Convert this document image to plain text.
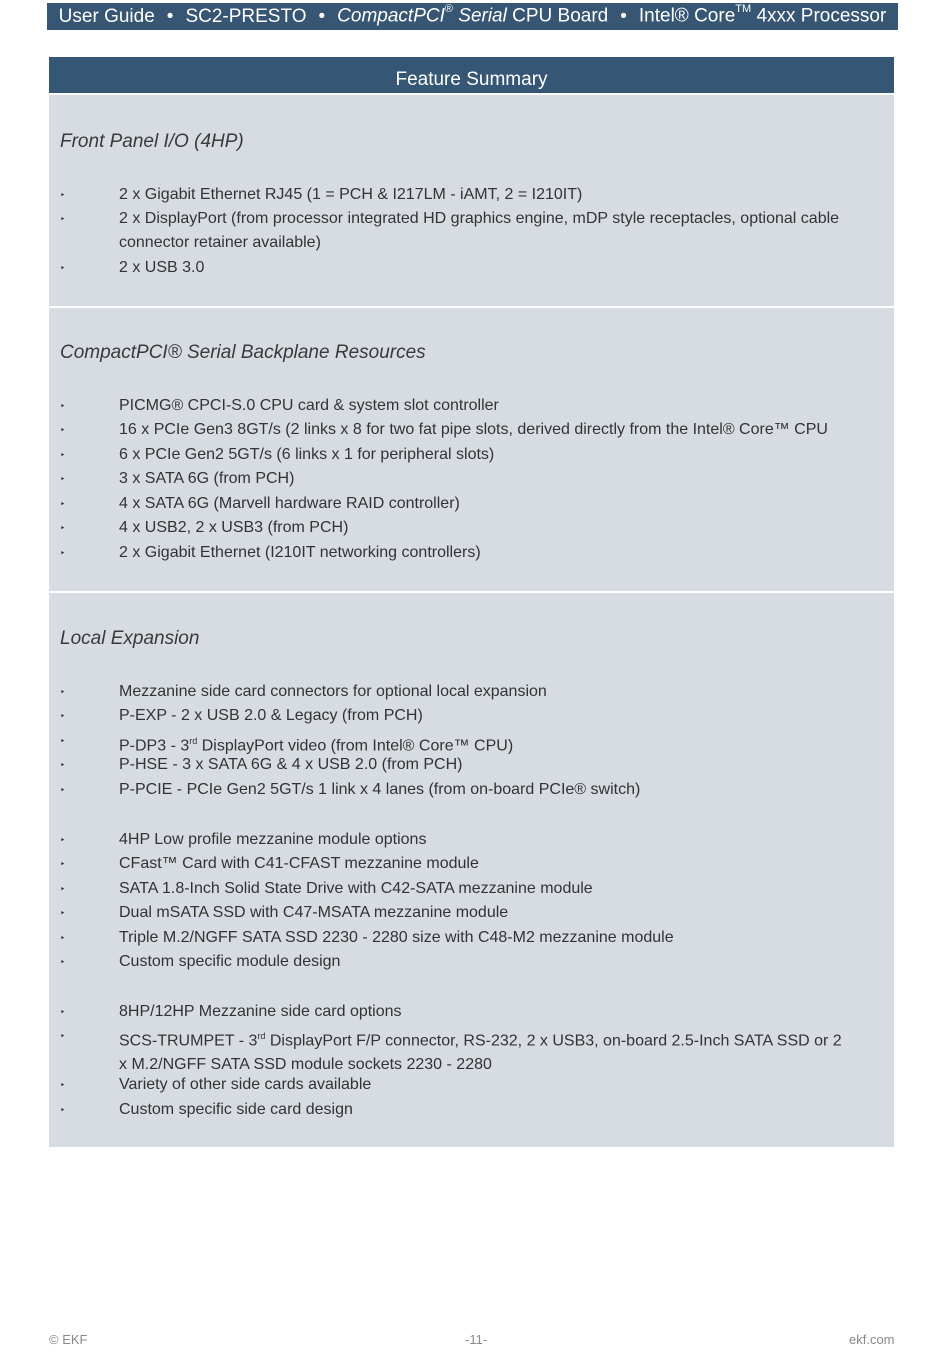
User Guide • SC2-PRESTO • CompactPCI® Serial CPU Board • Intel® Core™ 4xxx Processor
Feature Summary
Front Panel I/O (4HP)
‣	2 x Gigabit Ethernet RJ45 (1 = PCH & I217LM - iAMT, 2 = I210IT)
‣	2 x DisplayPort (from processor integrated HD graphics engine, mDP style receptacles, optional cable connector retainer available)
‣	2 x USB 3.0
CompactPCI® Serial Backplane Resources
‣	PICMG® CPCI-S.0 CPU card & system slot controller
‣	16 x PCIe Gen3 8GT/s (2 links x 8 for two fat pipe slots, derived directly from the Intel® Core™ CPU
‣	6 x PCIe Gen2 5GT/s (6 links x 1 for peripheral slots)
‣	3 x SATA 6G (from PCH)
‣	4 x SATA 6G (Marvell hardware RAID controller)
‣	4 x USB2, 2 x USB3 (from PCH)
‣	2 x Gigabit Ethernet (I210IT networking controllers)
Local Expansion
‣	Mezzanine side card connectors for optional local expansion
‣	P-EXP - 2 x USB 2.0 & Legacy (from PCH)
‣	P-DP3 - 3rd DisplayPort video (from Intel® Core™ CPU)
‣	P-HSE - 3 x SATA 6G & 4 x USB 2.0 (from PCH)
‣	P-PCIE - PCIe Gen2 5GT/s 1 link x 4 lanes (from on-board PCIe® switch)
‣	4HP Low profile mezzanine module options
‣	CFast™ Card with C41-CFAST mezzanine module
‣	SATA 1.8-Inch Solid State Drive with C42-SATA mezzanine module
‣	Dual mSATA SSD with C47-MSATA mezzanine module
‣	Triple M.2/NGFF SATA SSD 2230 - 2280 size with C48-M2 mezzanine module
‣	Custom specific module design
‣	8HP/12HP Mezzanine side card options
‣	SCS-TRUMPET - 3rd DisplayPort F/P connector, RS-232, 2 x USB3, on-board 2.5-Inch SATA SSD or 2 x M.2/NGFF SATA SSD module sockets 2230 - 2280
‣	Variety of other side cards available
‣	Custom specific side card design
© EKF	-11-	ekf.com
